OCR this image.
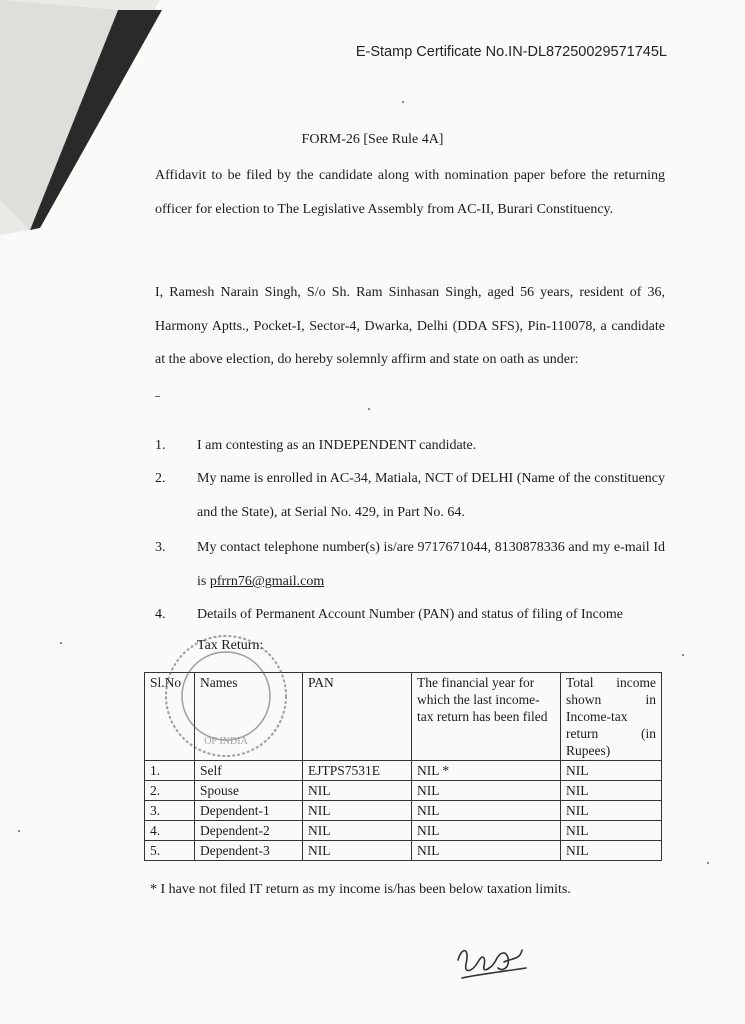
E-Stamp Certificate No.IN-DL87250029571745L
FORM-26 [See Rule 4A]
Affidavit to be filed by the candidate along with nomination paper before the returning officer for election to The Legislative Assembly from AC-II, Burari Constituency.
I, Ramesh Narain Singh, S/o Sh. Ram Sinhasan Singh, aged 56 years, resident of 36, Harmony Aptts., Pocket-I, Sector-4, Dwarka, Delhi (DDA SFS), Pin-110078, a candidate at the above election, do hereby solemnly affirm and state on oath as under:
1. I am contesting as an INDEPENDENT candidate.
2. My name is enrolled in AC-34, Matiala, NCT of DELHI (Name of the constituency and the State), at Serial No. 429, in Part No. 64.
3. My contact telephone number(s) is/are 9717671044, 8130878336 and my e-mail Id is pfrrn76@gmail.com
4. Details of Permanent Account Number (PAN) and status of filing of Income
Tax Return:
Sl.No	Names	PAN	The financial year for which the last income-tax return has been filed	Total income shown in Income-tax return (in Rupees)
1.	Self	EJTPS7531E	NIL *	NIL
2.	Spouse	NIL	NIL	NIL
3.	Dependent-1	NIL	NIL	NIL
4.	Dependent-2	NIL	NIL	NIL
5.	Dependent-3	NIL	NIL	NIL
OF INDIA
* I have not filed IT return as my income is/has been below taxation limits.
